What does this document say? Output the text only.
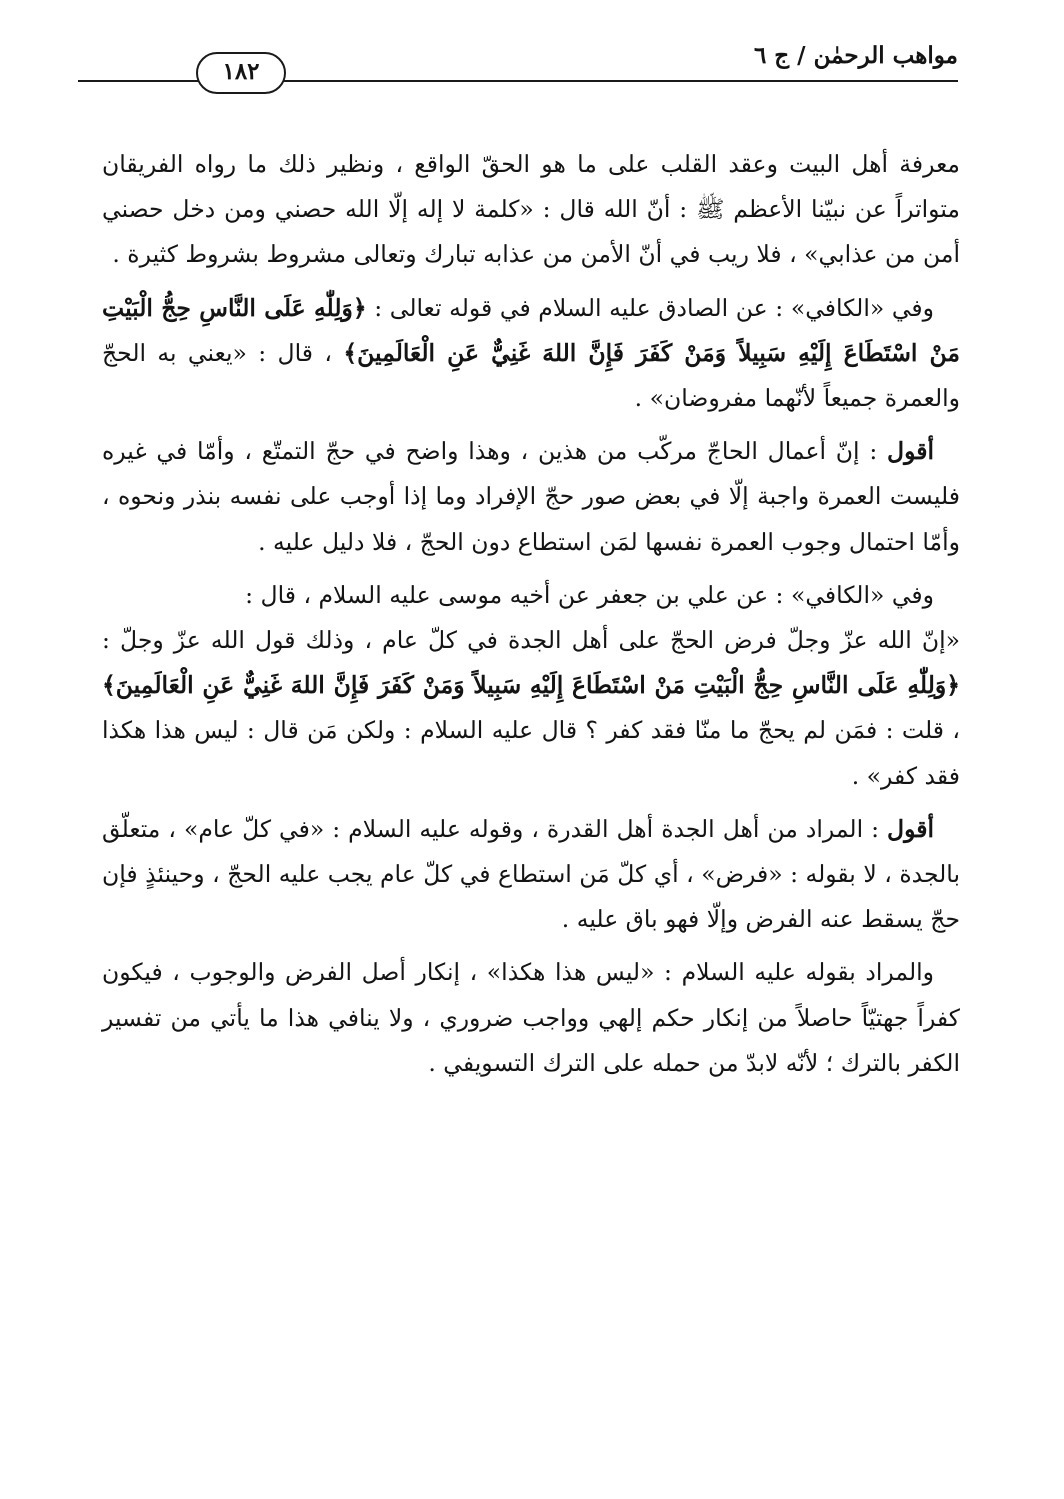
مواهب الرحمٰن / ج ٦
١٨٢

معرفة أهل البيت وعقد القلب على ما هو الحقّ الواقع ، ونظير ذلك ما رواه الفريقان متواتراً عن نبيّنا الأعظم ﷺ : أنّ الله قال : «كلمة لا إله إلّا الله حصني ومن دخل حصني أمن من عذابي» ، فلا ريب في أنّ الأمن من عذابه تبارك وتعالى مشروط بشروط كثيرة .

وفي «الكافي» : عن الصادق عليه السلام في قوله تعالى : ﴿وَلِلّٰهِ عَلَى النَّاسِ حِجُّ الْبَيْتِ مَنْ اسْتَطَاعَ إِلَيْهِ سَبِيلاً وَمَنْ كَفَرَ فَإِنَّ اللهَ غَنِيٌّ عَنِ الْعَالَمِينَ﴾ ، قال : «يعني به الحجّ والعمرة جميعاً لأنّهما مفروضان» .

أقول : إنّ أعمال الحاجّ مركّب من هذين ، وهذا واضح في حجّ التمتّع ، وأمّا في غيره فليست العمرة واجبة إلّا في بعض صور حجّ الإفراد وما إذا أوجب على نفسه بنذر ونحوه ، وأمّا احتمال وجوب العمرة نفسها لمَن استطاع دون الحجّ ، فلا دليل عليه .

وفي «الكافي» : عن علي بن جعفر عن أخيه موسى عليه السلام ، قال :

«إنّ الله عزّ وجلّ فرض الحجّ على أهل الجدة في كلّ عام ، وذلك قول الله عزّ وجلّ : ﴿وَلِلّٰهِ عَلَى النَّاسِ حِجُّ الْبَيْتِ مَنْ اسْتَطَاعَ إِلَيْهِ سَبِيلاً وَمَنْ كَفَرَ فَإِنَّ اللهَ غَنِيٌّ عَنِ الْعَالَمِينَ﴾ ، قلت : فمَن لم يحجّ ما منّا فقد كفر ؟ قال عليه السلام : ولكن مَن قال : ليس هذا هكذا فقد كفر» .

أقول : المراد من أهل الجدة أهل القدرة ، وقوله عليه السلام : «في كلّ عام» ، متعلّق بالجدة ، لا بقوله : «فرض» ، أي كلّ مَن استطاع في كلّ عام يجب عليه الحجّ ، وحينئذٍ فإن حجّ يسقط عنه الفرض وإلّا فهو باق عليه .

والمراد بقوله عليه السلام : «ليس هذا هكذا» ، إنكار أصل الفرض والوجوب ، فيكون كفراً جهتيّاً حاصلاً من إنكار حكم إلهي وواجب ضروري ، ولا ينافي هذا ما يأتي من تفسير الكفر بالترك ؛ لأنّه لابدّ من حمله على الترك التسويفي .
